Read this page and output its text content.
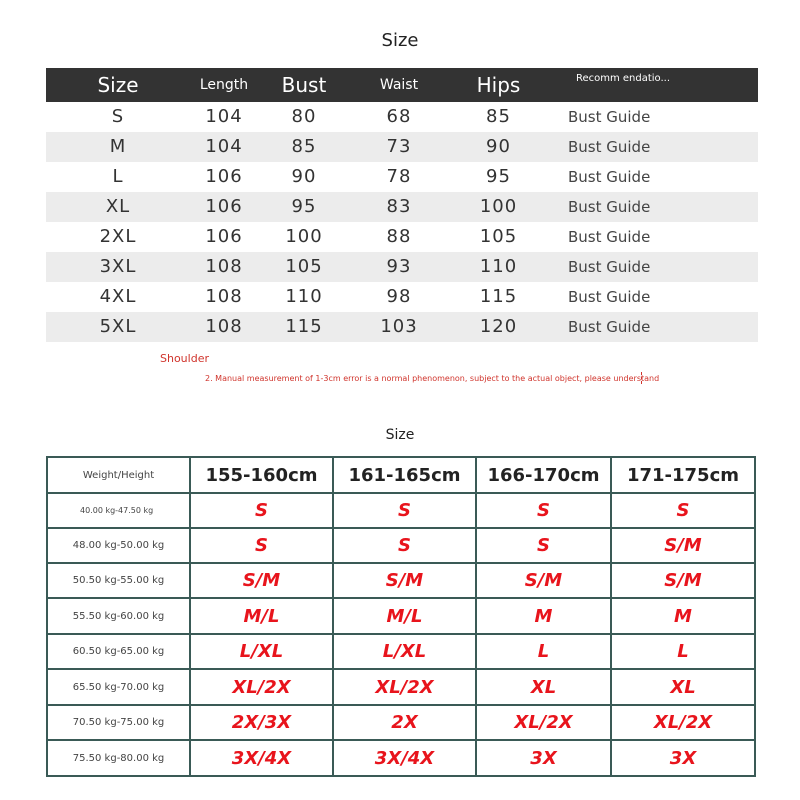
Size
Size	Length	Bust	Waist	Hips	Recomm endatio...
S	104	80	68	85	Bust Guide
M	104	85	73	90	Bust Guide
L	106	90	78	95	Bust Guide
XL	106	95	83	100	Bust Guide
2XL	106	100	88	105	Bust Guide
3XL	108	105	93	110	Bust Guide
4XL	108	110	98	115	Bust Guide
5XL	108	115	103	120	Bust Guide
Shoulder
2. Manual measurement of 1-3cm error is a normal phenomenon, subject to the actual object, please understand
Size
Weight/Height	155-160cm	161-165cm	166-170cm	171-175cm
40.00 kg-47.50 kg	S	S	S	S
48.00 kg-50.00 kg	S	S	S	S/M
50.50 kg-55.00 kg	S/M	S/M	S/M	S/M
55.50 kg-60.00 kg	M/L	M/L	M	M
60.50 kg-65.00 kg	L/XL	L/XL	L	L
65.50 kg-70.00 kg	XL/2X	XL/2X	XL	XL
70.50 kg-75.00 kg	2X/3X	2X	XL/2X	XL/2X
75.50 kg-80.00 kg	3X/4X	3X/4X	3X	3X
